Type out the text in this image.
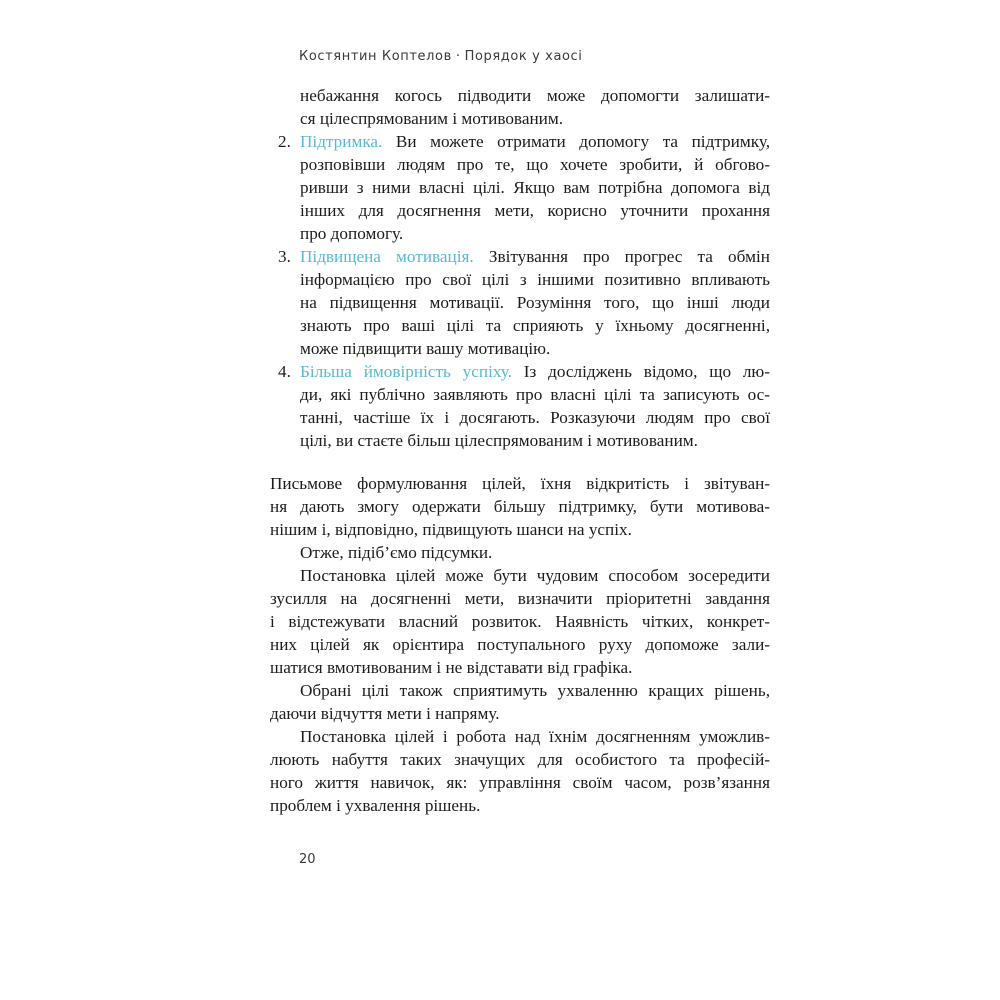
Костянтин Коптелов · Порядок у хаосі
небажання когось підводити може допомогти залишати-
ся цілеспрямованим і мотивованим.
2. Підтримка. Ви можете отримати допомогу та підтримку,
розповівши людям про те, що хочете зробити, й обгово-
ривши з ними власні цілі. Якщо вам потрібна допомога від
інших для досягнення мети, корисно уточнити прохання
про допомогу.
3. Підвищена мотивація. Звітування про прогрес та обмін
інформацією про свої цілі з іншими позитивно впливають
на підвищення мотивації. Розуміння того, що інші люди
знають про ваші цілі та сприяють у їхньому досягненні,
може підвищити вашу мотивацію.
4. Більша ймовірність успіху. Із досліджень відомо, що лю-
ди, які публічно заявляють про власні цілі та записують ос-
танні, частіше їх і досягають. Розказуючи людям про свої
цілі, ви стаєте більш цілеспрямованим і мотивованим.
Письмове формулювання цілей, їхня відкритість і звітуван-
ня дають змогу одержати більшу підтримку, бути мотивова-
нішим і, відповідно, підвищують шанси на успіх.
Отже, підіб’ємо підсумки.
Постановка цілей може бути чудовим способом зосередити
зусилля на досягненні мети, визначити пріоритетні завдання
і відстежувати власний розвиток. Наявність чітких, конкрет-
них цілей як орієнтира поступального руху допоможе зали-
шатися вмотивованим і не відставати від графіка.
Обрані цілі також сприятимуть ухваленню кращих рішень,
даючи відчуття мети і напряму.
Постановка цілей і робота над їхнім досягненням уможлив-
люють набуття таких значущих для особистого та професій-
ного життя навичок, як: управління своїм часом, розв’язання
проблем і ухвалення рішень.
20
